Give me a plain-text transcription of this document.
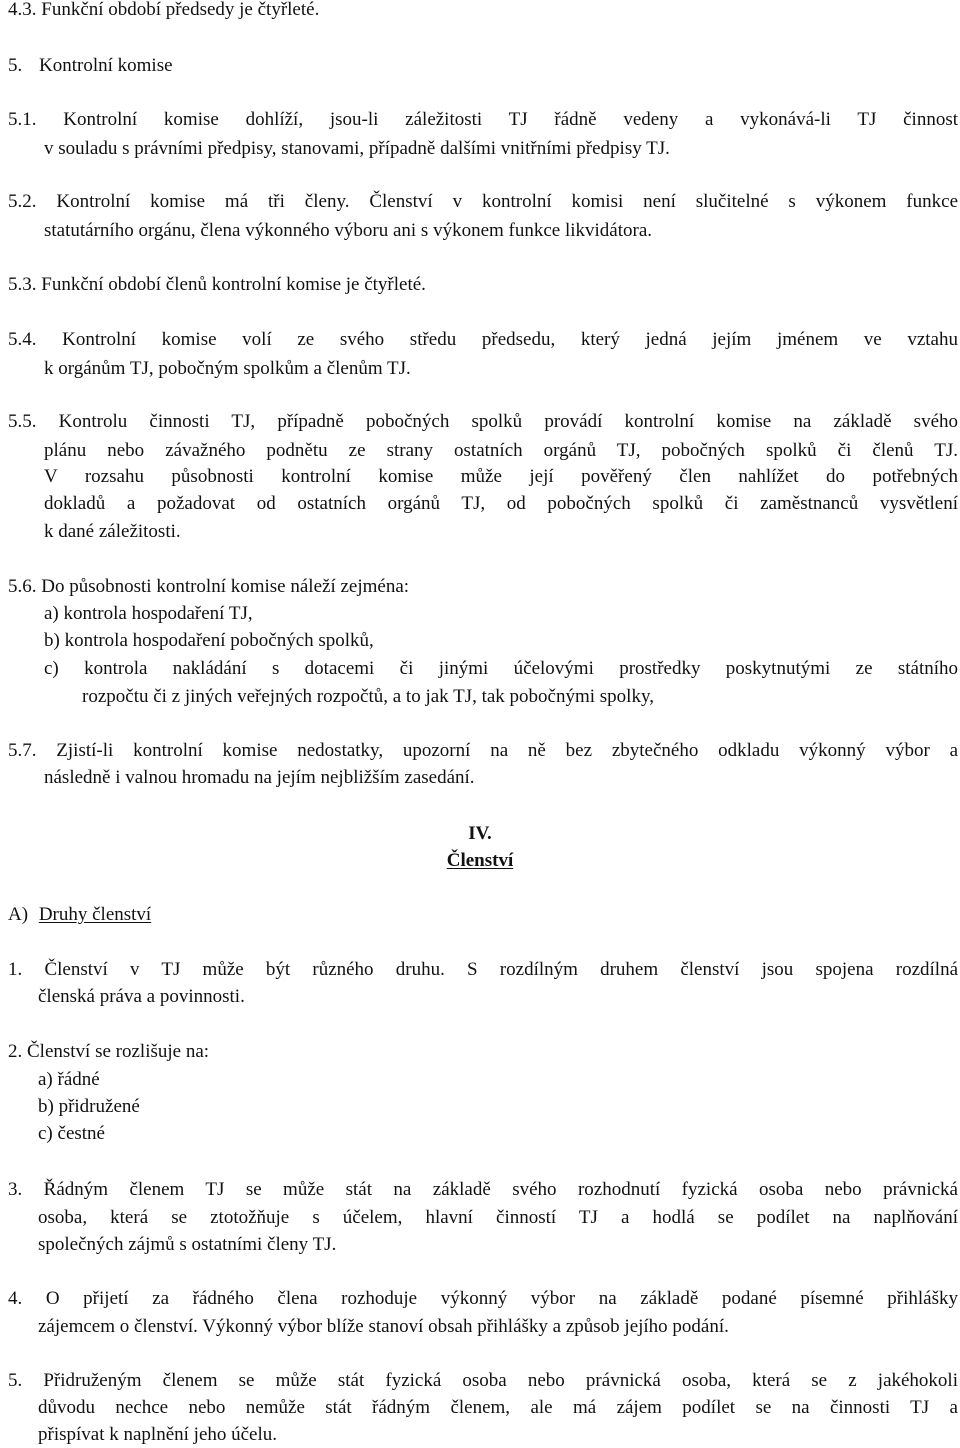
4.3. Funkční období předsedy je čtyřleté.
5. Kontrolní komise
5.1. Kontrolní komise dohlíží, jsou-li záležitosti TJ řádně vedeny a vykonává-li TJ činnost
v souladu s právními předpisy, stanovami, případně dalšími vnitřními předpisy TJ.
5.2. Kontrolní komise má tři členy. Členství v kontrolní komisi není slučitelné s výkonem funkce
statutárního orgánu, člena výkonného výboru ani s výkonem funkce likvidátora.
5.3. Funkční období členů kontrolní komise je čtyřleté.
5.4. Kontrolní komise volí ze svého středu předsedu, který jedná jejím jménem ve vztahu
k orgánům TJ, pobočným spolkům a členům TJ.
5.5. Kontrolu činnosti TJ, případně pobočných spolků provádí kontrolní komise na základě svého
plánu nebo závažného podnětu ze strany ostatních orgánů TJ, pobočných spolků či členů TJ.
V rozsahu působnosti kontrolní komise může její pověřený člen nahlížet do potřebných
dokladů a požadovat od ostatních orgánů TJ, od pobočných spolků či zaměstnanců vysvětlení
k dané záležitosti.
5.6. Do působnosti kontrolní komise náleží zejména:
a) kontrola hospodaření TJ,
b) kontrola hospodaření pobočných spolků,
c) kontrola nakládání s dotacemi či jinými účelovými prostředky poskytnutými ze státního
rozpočtu či z jiných veřejných rozpočtů, a to jak TJ, tak pobočnými spolky,
5.7. Zjistí-li kontrolní komise nedostatky, upozorní na ně bez zbytečného odkladu výkonný výbor a
následně i valnou hromadu na jejím nejbližším zasedání.
IV.
Členství
A) Druhy členství
1. Členství v TJ může být různého druhu. S rozdílným druhem členství jsou spojena rozdílná
členská práva a povinnosti.
2. Členství se rozlišuje na:
a) řádné
b) přidružené
c) čestné
3. Řádným členem TJ se může stát na základě svého rozhodnutí fyzická osoba nebo právnická
osoba, která se ztotožňuje s účelem, hlavní činností TJ a hodlá se podílet na naplňování
společných zájmů s ostatními členy TJ.
4. O přijetí za řádného člena rozhoduje výkonný výbor na základě podané písemné přihlášky
zájemcem o členství. Výkonný výbor blíže stanoví obsah přihlášky a způsob jejího podání.
5. Přidruženým členem se může stát fyzická osoba nebo právnická osoba, která se z jakéhokoli
důvodu nechce nebo nemůže stát řádným členem, ale má zájem podílet se na činnosti TJ a
přispívat k naplnění jeho účelu.
